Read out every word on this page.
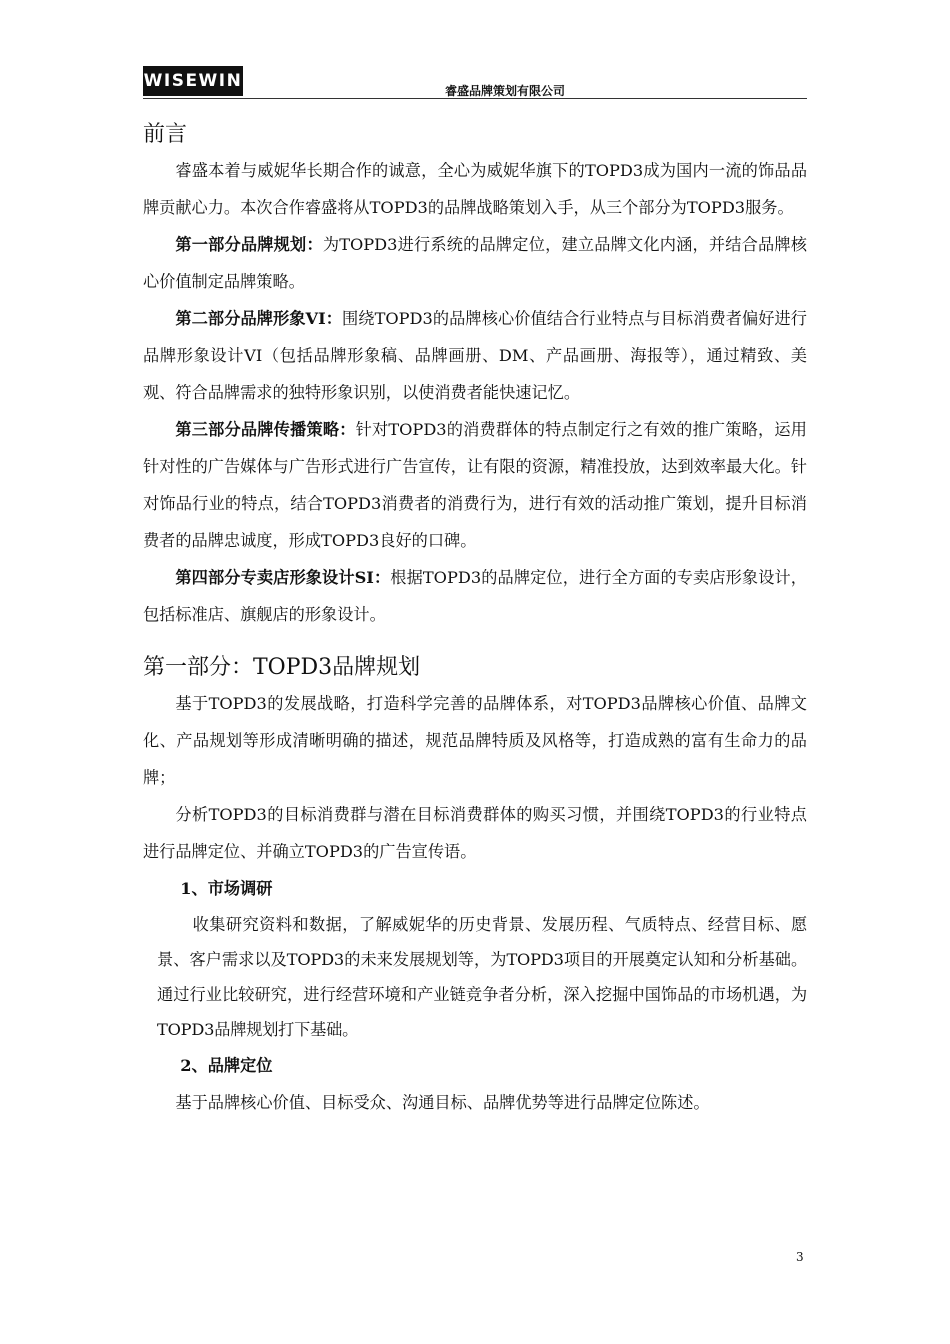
WISEWIN	睿盛品牌策划有限公司
前言

睿盛本着与威妮华长期合作的诚意，全心为威妮华旗下的TOPD3成为国内一流的饰品品牌贡献心力。本次合作睿盛将从TOPD3的品牌战略策划入手，从三个部分为TOPD3服务。

第一部分品牌规划：为TOPD3进行系统的品牌定位，建立品牌文化内涵，并结合品牌核心价值制定品牌策略。

第二部分品牌形象VI：围绕TOPD3的品牌核心价值结合行业特点与目标消费者偏好进行品牌形象设计VI（包括品牌形象稿、品牌画册、DM、产品画册、海报等），通过精致、美观、符合品牌需求的独特形象识别，以使消费者能快速记忆。

第三部分品牌传播策略：针对TOPD3的消费群体的特点制定行之有效的推广策略，运用针对性的广告媒体与广告形式进行广告宣传，让有限的资源，精准投放，达到效率最大化。针对饰品行业的特点，结合TOPD3消费者的消费行为，进行有效的活动推广策划，提升目标消费者的品牌忠诚度，形成TOPD3良好的口碑。

第四部分专卖店形象设计SI：根据TOPD3的品牌定位，进行全方面的专卖店形象设计，包括标准店、旗舰店的形象设计。

第一部分：TOPD3品牌规划

基于TOPD3的发展战略，打造科学完善的品牌体系，对TOPD3品牌核心价值、品牌文化、产品规划等形成清晰明确的描述，规范品牌特质及风格等，打造成熟的富有生命力的品牌；

分析TOPD3的目标消费群与潜在目标消费群体的购买习惯，并围绕TOPD3的行业特点进行品牌定位、并确立TOPD3的广告宣传语。

1、市场调研

收集研究资料和数据，了解威妮华的历史背景、发展历程、气质特点、经营目标、愿景、客户需求以及TOPD3的未来发展规划等，为TOPD3项目的开展奠定认知和分析基础。通过行业比较研究，进行经营环境和产业链竞争者分析，深入挖掘中国饰品的市场机遇，为TOPD3品牌规划打下基础。

2、品牌定位

基于品牌核心价值、目标受众、沟通目标、品牌优势等进行品牌定位陈述。

3
